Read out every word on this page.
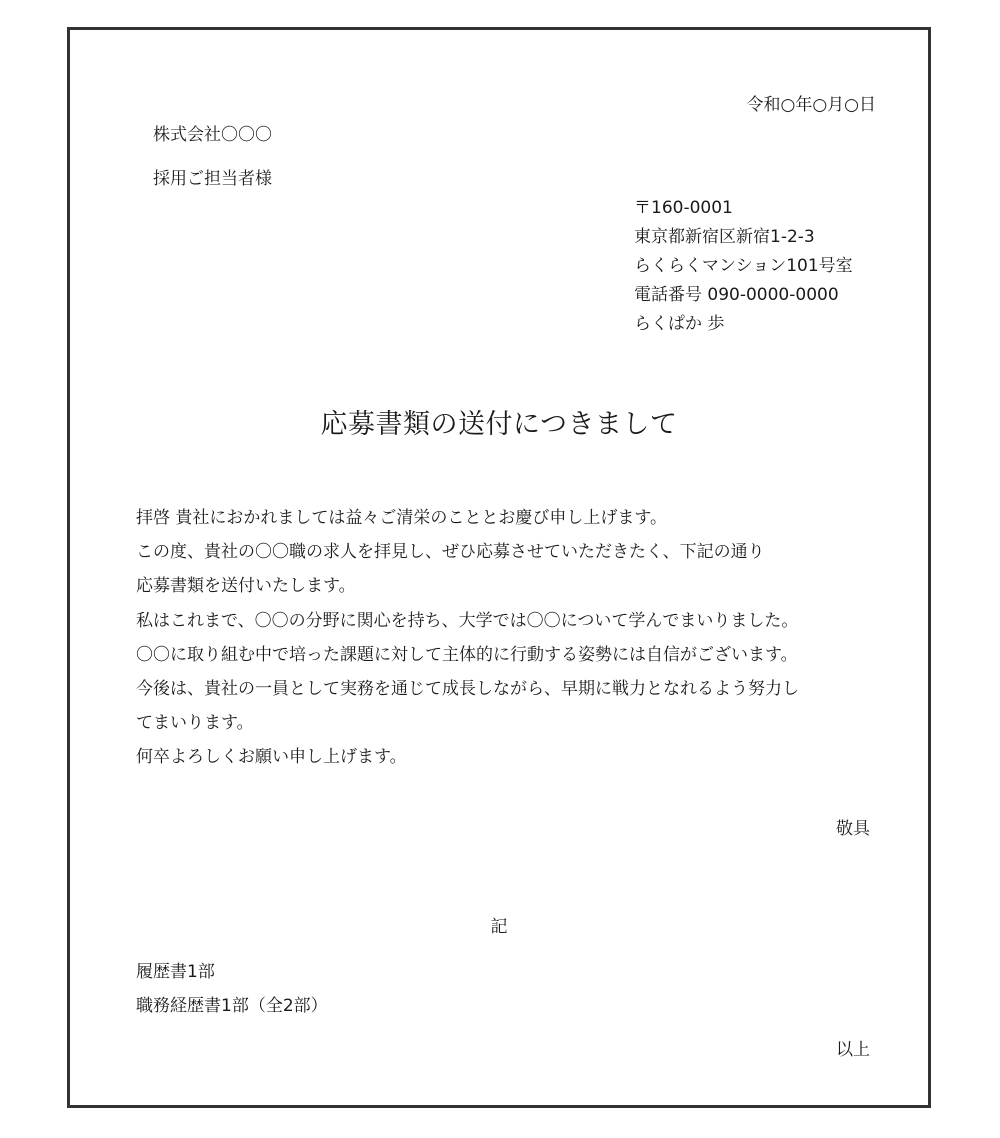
令和○年○月○日
株式会社〇〇〇
採用ご担当者様
〒160-0001
東京都新宿区新宿1-2-3
らくらくマンション101号室
電話番号 090-0000-0000
らくぱか 歩
応募書類の送付につきまして
拝啓 貴社におかれましては益々ご清栄のこととお慶び申し上げます。
この度、貴社の〇〇職の求人を拝見し、ぜひ応募させていただきたく、下記の通り
応募書類を送付いたします。
私はこれまで、〇〇の分野に関心を持ち、大学では〇〇について学んでまいりました。
〇〇に取り組む中で培った課題に対して主体的に行動する姿勢には自信がございます。
今後は、貴社の一員として実務を通じて成長しながら、早期に戦力となれるよう努力し
てまいります。
何卒よろしくお願い申し上げます。
敬具
記
履歴書1部
職務経歴書1部（全2部）
以上
